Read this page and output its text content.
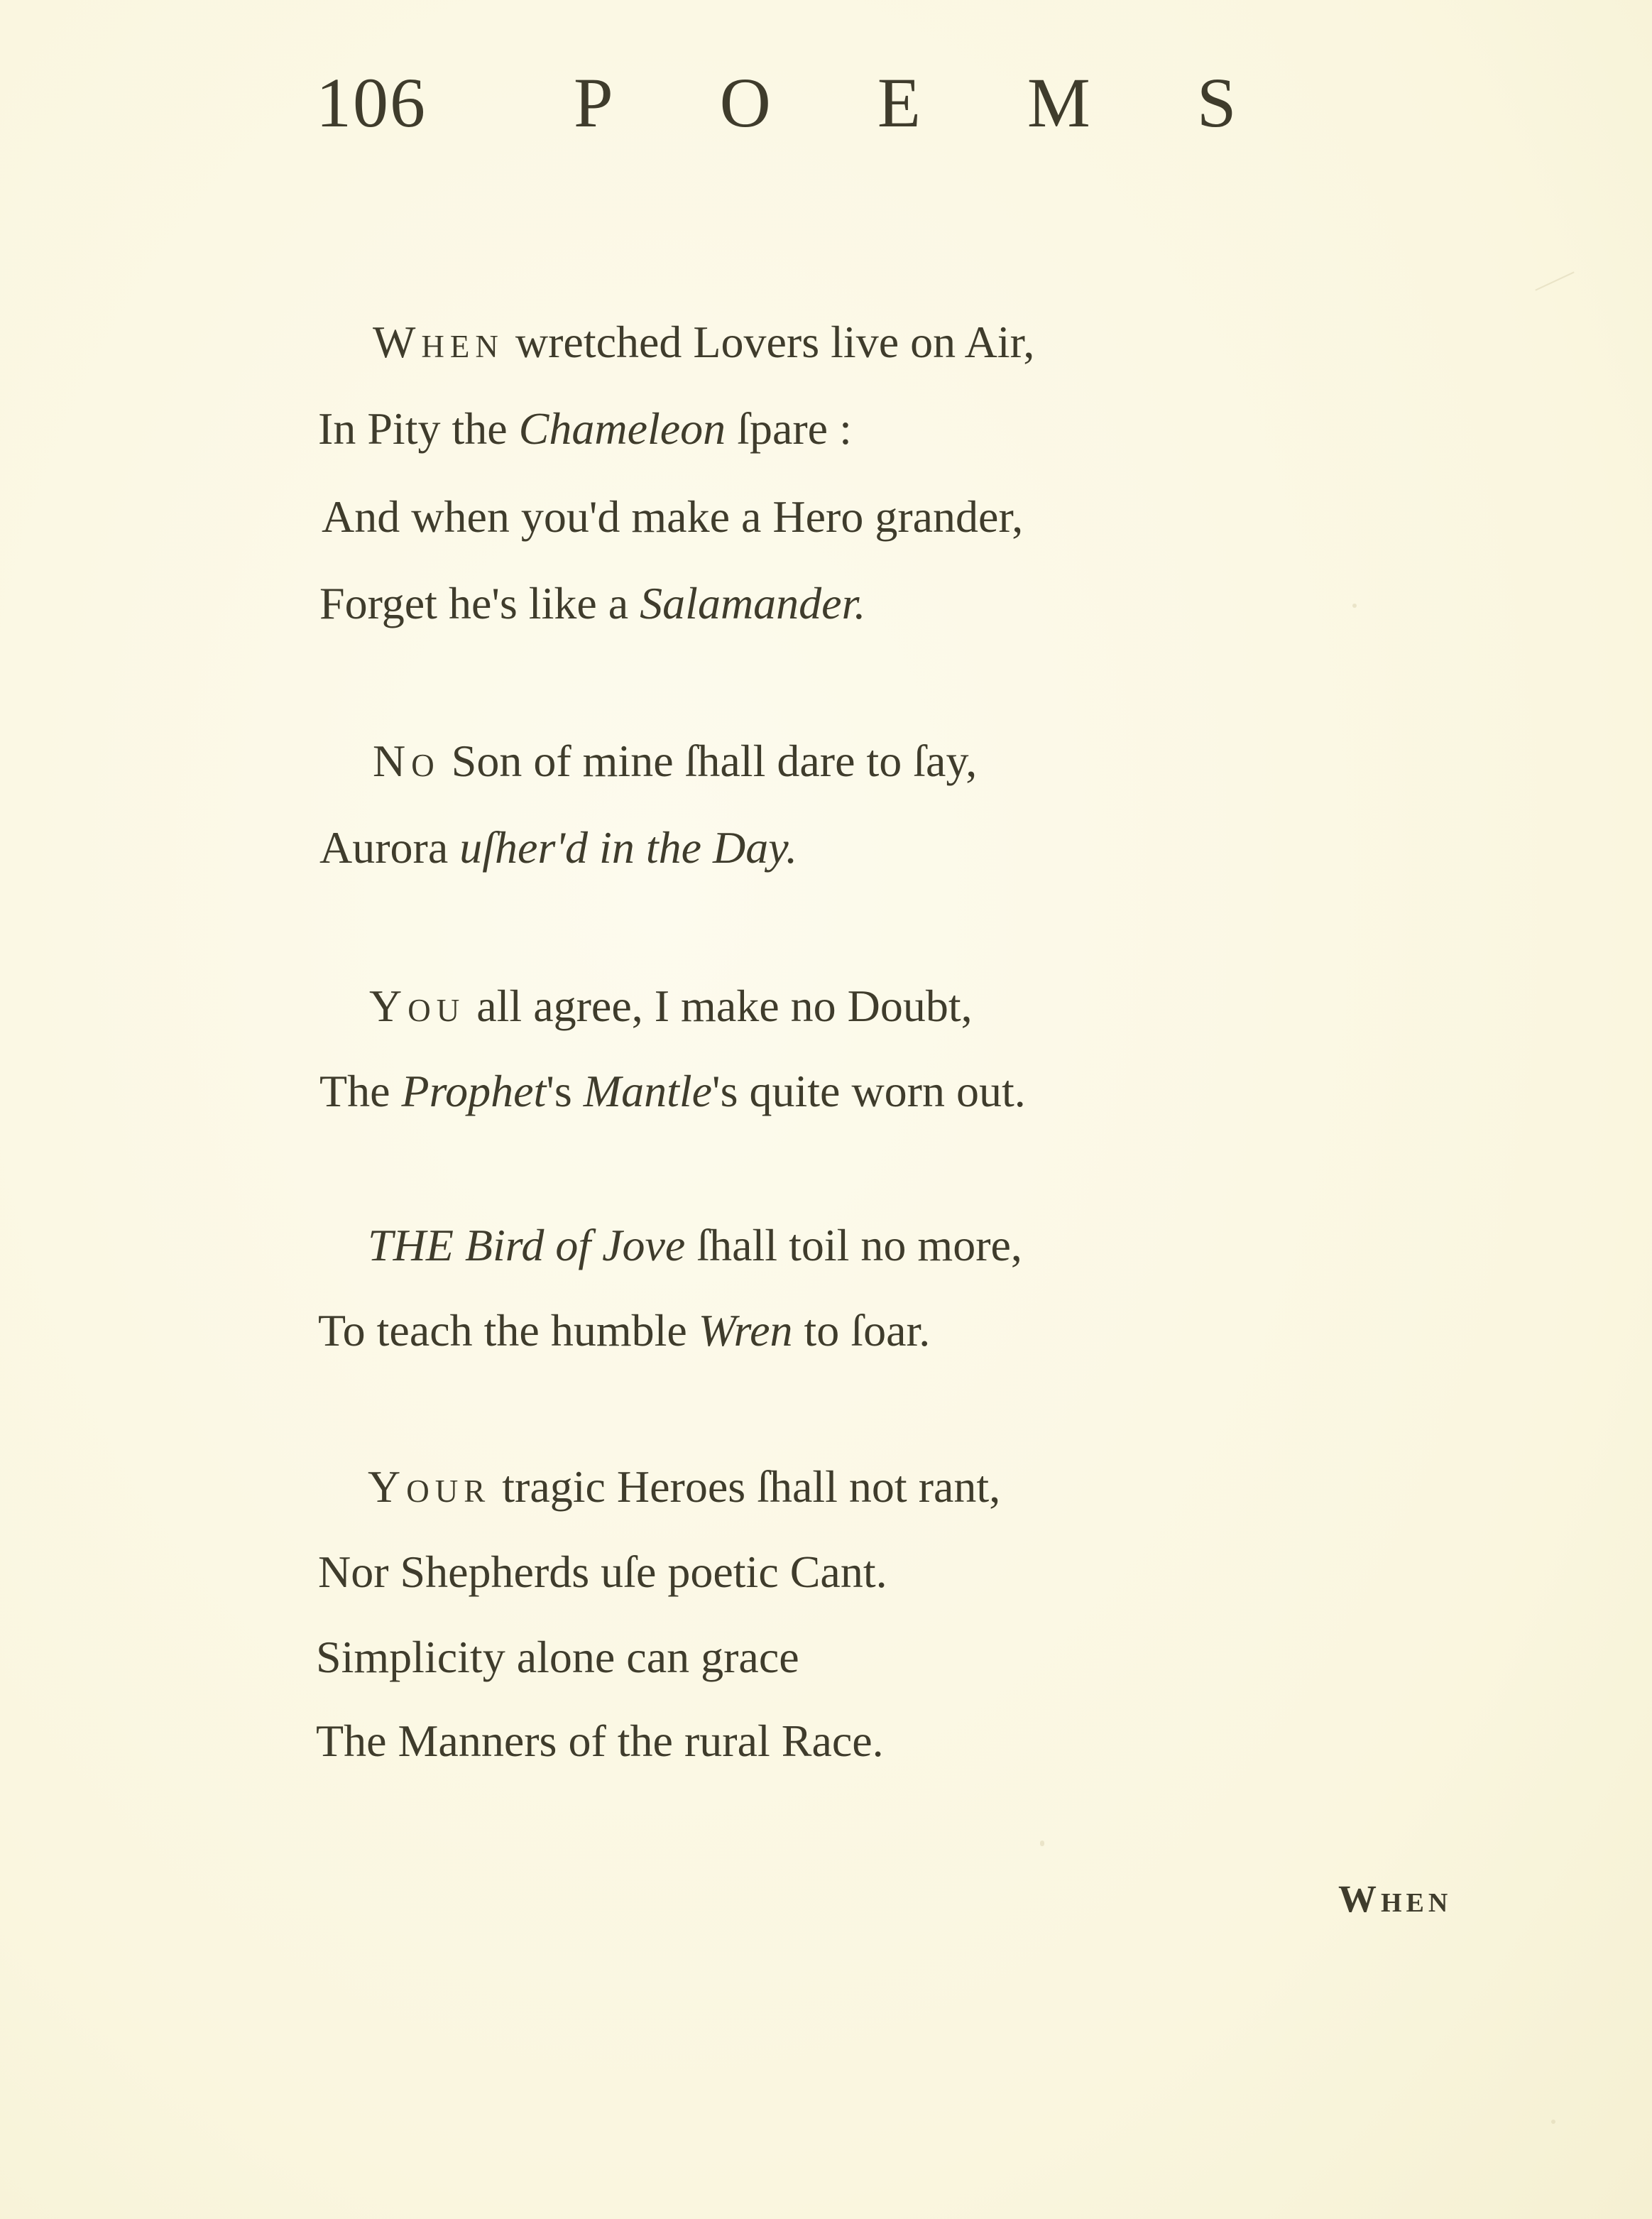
106 POEMS
When wretched Lovers live on Air,
In Pity the Chameleon ſpare :
And when you'd make a Hero grander,
Forget he's like a Salamander.
No Son of mine ſhall dare to ſay,
Aurora uſher'd in the Day.
You all agree, I make no Doubt,
The Prophet's Mantle's quite worn out.
THE Bird of Jove ſhall toil no more,
To teach the humble Wren to ſoar.
Your tragic Heroes ſhall not rant,
Nor Shepherds uſe poetic Cant.
Simplicity alone can grace
The Manners of the rural Race.
When
